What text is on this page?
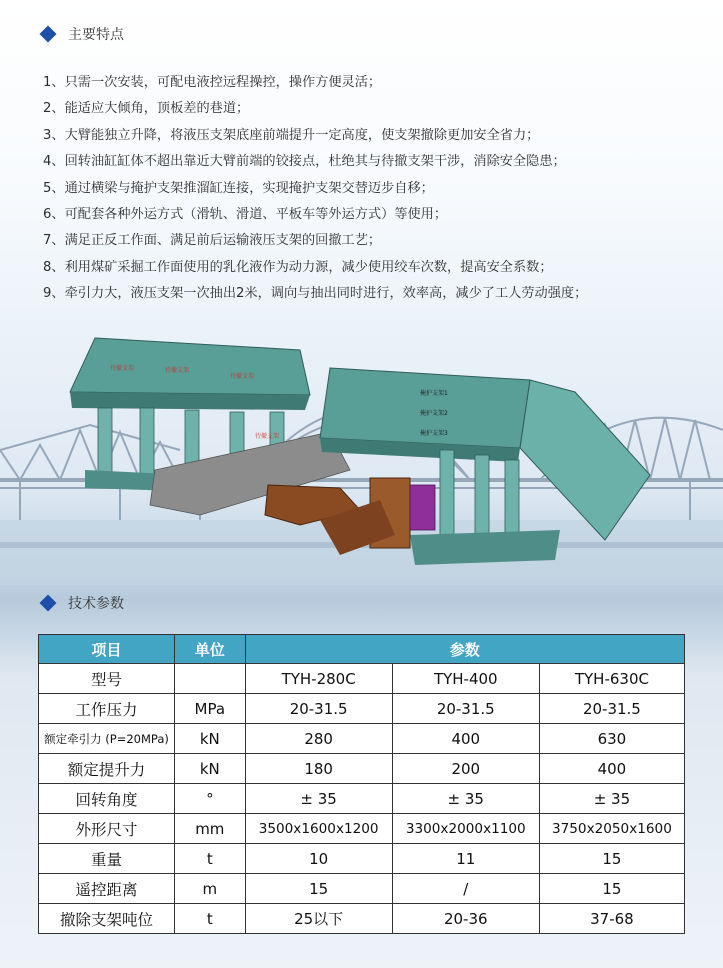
主要特点
1、只需一次安装，可配电液控远程操控，操作方便灵活；
2、能适应大倾角，顶板差的巷道；
3、大臂能独立升降，将液压支架底座前端提升一定高度，使支架撤除更加安全省力；
4、回转油缸缸体不超出靠近大臂前端的铰接点，杜绝其与待撤支架干涉，消除安全隐患；
5、通过横梁与掩护支架推溜缸连接，实现掩护支架交替迈步自移；
6、可配套各种外运方式（滑轨、滑道、平板车等外运方式）等使用；
7、满足正反工作面、满足前后运输液压支架的回撤工艺；
8、利用煤矿采掘工作面使用的乳化液作为动力源，减少使用绞车次数，提高安全系数；
9、牵引力大，液压支架一次抽出2米，调向与抽出同时进行，效率高，减少了工人劳动强度；
待撤支架	待撤支架
待撤支架
待撤支架
掩护支架1
掩护支架2
掩护支架3
技术参数
项目	单位	参数		
型号		TYH-280C	TYH-400	TYH-630C
工作压力	MPa	20-31.5	20-31.5	20-31.5
额定牵引力 (P=20MPa)	kN	280	400	630
额定提升力	kN	180	200	400
回转角度	°	± 35	± 35	± 35
外形尺寸	mm	3500x1600x1200	3300x2000x1100	3750x2050x1600
重量	t	10	11	15
遥控距离	m	15	/	15
撤除支架吨位	t	25以下	20-36	37-68
